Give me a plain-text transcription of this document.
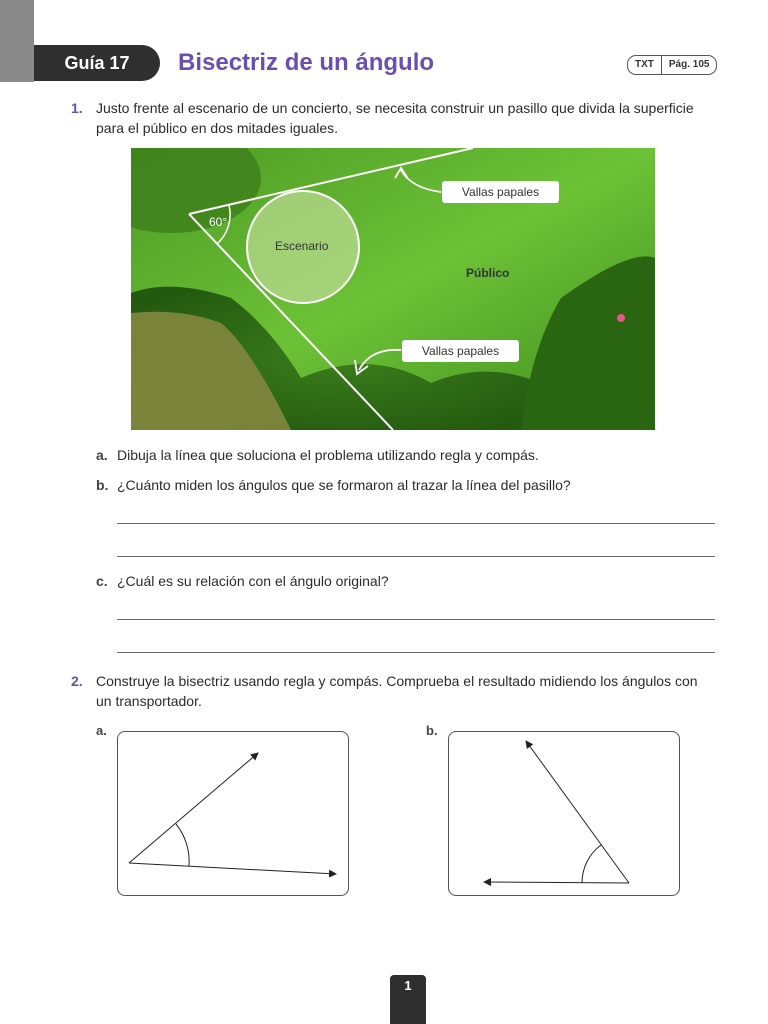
Guía 17	Bisectriz de un ángulo	TXT	Pág. 105
1. Justo frente al escenario de un concierto, se necesita construir un pasillo que divida la superficie para el público en dos mitades iguales.
60°
Escenario
Público
Vallas papales
Vallas papales
a. Dibuja la línea que soluciona el problema utilizando regla y compás.
b. ¿Cuánto miden los ángulos que se formaron al trazar la línea del pasillo?
c. ¿Cuál es su relación con el ángulo original?
2. Construye la bisectriz usando regla y compás. Comprueba el resultado midiendo los ángulos con un transportador.
a.	b.
1
